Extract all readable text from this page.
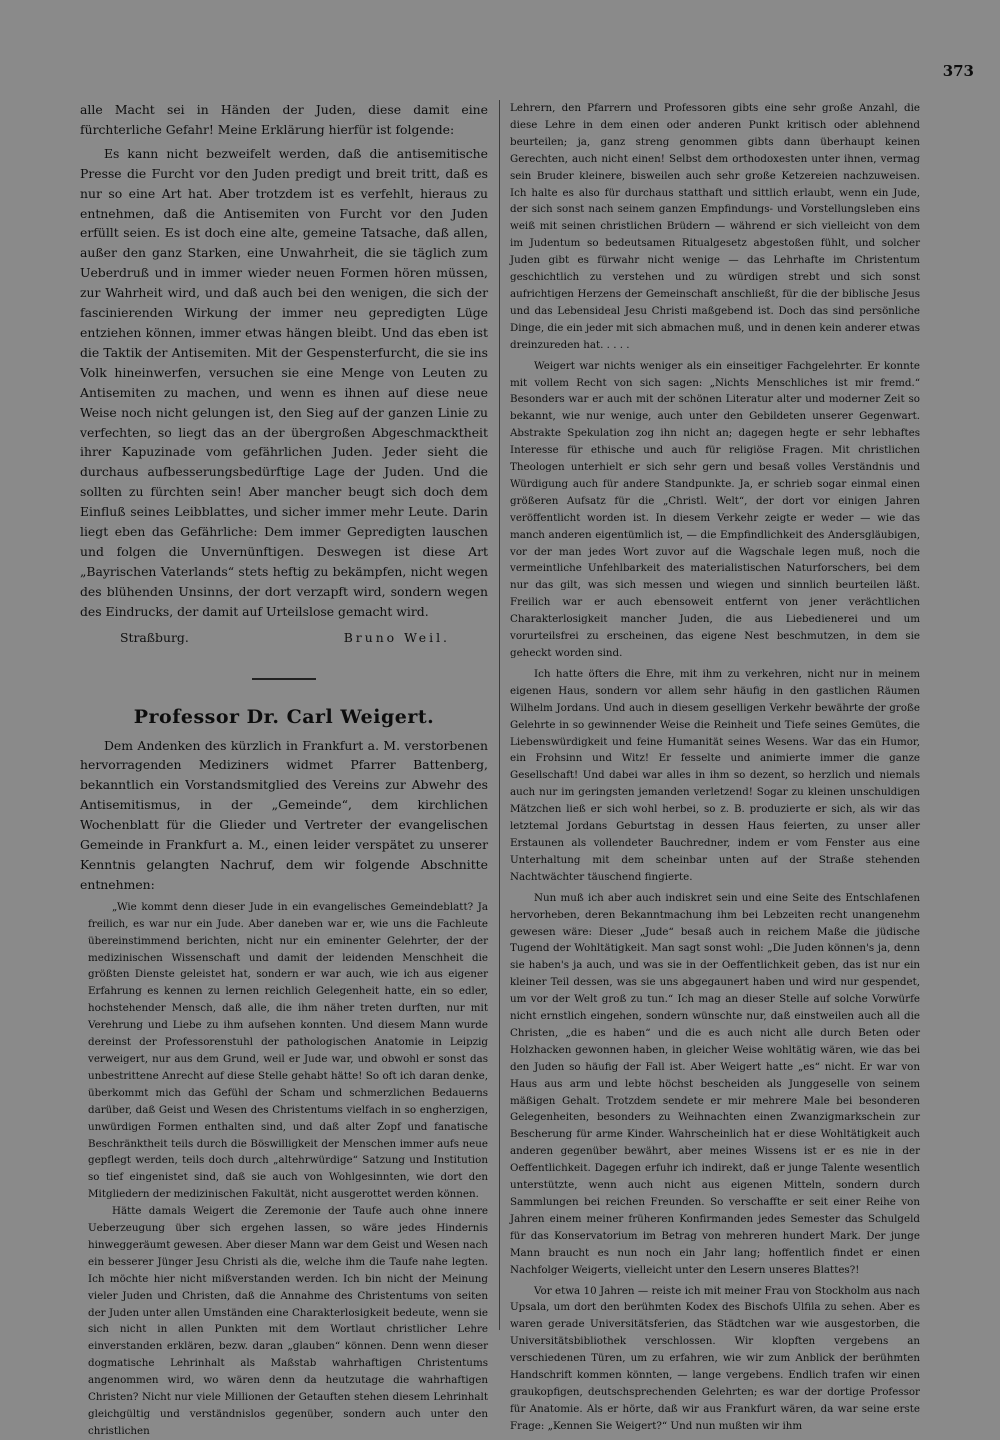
373

alle Macht sei in Händen der Juden, diese damit eine fürchterliche Gefahr! Meine Erklärung hierfür ist folgende:

Es kann nicht bezweifelt werden, daß die antisemitische Presse die Furcht vor den Juden predigt und breit tritt, daß es nur so eine Art hat. Aber trotzdem ist es verfehlt, hieraus zu entnehmen, daß die Antisemiten von Furcht vor den Juden erfüllt seien. Es ist doch eine alte, gemeine Tatsache, daß allen, außer den ganz Starken, eine Unwahrheit, die sie täglich zum Ueberdruß und in immer wieder neuen Formen hören müssen, zur Wahrheit wird, und daß auch bei den wenigen, die sich der fascinierenden Wirkung der immer neu gepredigten Lüge entziehen können, immer etwas hängen bleibt. Und das eben ist die Taktik der Antisemiten. Mit der Gespensterfurcht, die sie ins Volk hineinwerfen, versuchen sie eine Menge von Leuten zu Antisemiten zu machen, und wenn es ihnen auf diese neue Weise noch nicht gelungen ist, den Sieg auf der ganzen Linie zu verfechten, so liegt das an der übergroßen Abgeschmacktheit ihrer Kapuzinade vom gefährlichen Juden. Jeder sieht die durchaus aufbesserungsbedürftige Lage der Juden. Und die sollten zu fürchten sein! Aber mancher beugt sich doch dem Einfluß seines Leibblattes, und sicher immer mehr Leute. Darin liegt eben das Gefährliche: Dem immer Gepredigten lauschen und folgen die Unvernünftigen. Deswegen ist diese Art „Bayrischen Vaterlands“ stets heftig zu bekämpfen, nicht wegen des blühenden Unsinns, der dort verzapft wird, sondern wegen des Eindrucks, der damit auf Urteilslose gemacht wird.

Straßburg.	Bruno Weil.
Professor Dr. Carl Weigert.

Dem Andenken des kürzlich in Frankfurt a. M. verstorbenen hervorragenden Mediziners widmet Pfarrer Battenberg, bekanntlich ein Vorstandsmitglied des Vereins zur Abwehr des Antisemitismus, in der „Gemeinde“, dem kirchlichen Wochenblatt für die Glieder und Vertreter der evangelischen Gemeinde in Frankfurt a. M., einen leider verspätet zu unserer Kenntnis gelangten Nachruf, dem wir folgende Abschnitte entnehmen:

„Wie kommt denn dieser Jude in ein evangelisches Gemeindeblatt? Ja freilich, es war nur ein Jude. Aber daneben war er, wie uns die Fachleute übereinstimmend berichten, nicht nur ein eminenter Gelehrter, der der medizinischen Wissenschaft und damit der leidenden Menschheit die größten Dienste geleistet hat, sondern er war auch, wie ich aus eigener Erfahrung es kennen zu lernen reichlich Gelegenheit hatte, ein so edler, hochstehender Mensch, daß alle, die ihm näher treten durften, nur mit Verehrung und Liebe zu ihm aufsehen konnten. Und diesem Mann wurde dereinst der Professorenstuhl der pathologischen Anatomie in Leipzig verweigert, nur aus dem Grund, weil er Jude war, und obwohl er sonst das unbestrittene Anrecht auf diese Stelle gehabt hätte! So oft ich daran denke, überkommt mich das Gefühl der Scham und schmerzlichen Bedauerns darüber, daß Geist und Wesen des Christentums vielfach in so engherzigen, unwürdigen Formen enthalten sind, und daß alter Zopf und fanatische Beschränktheit teils durch die Böswilligkeit der Menschen immer aufs neue gepflegt werden, teils doch durch „altehrwürdige“ Satzung und Institution so tief eingenistet sind, daß sie auch von Wohlgesinnten, wie dort den Mitgliedern der medizinischen Fakultät, nicht ausgerottet werden können.

Hätte damals Weigert die Zeremonie der Taufe auch ohne innere Ueberzeugung über sich ergehen lassen, so wäre jedes Hindernis hinweggeräumt gewesen. Aber dieser Mann war dem Geist und Wesen nach ein besserer Jünger Jesu Christi als die, welche ihm die Taufe nahe legten. Ich möchte hier nicht mißverstanden werden. Ich bin nicht der Meinung vieler Juden und Christen, daß die Annahme des Christentums von seiten der Juden unter allen Umständen eine Charakterlosigkeit bedeute, wenn sie sich nicht in allen Punkten mit dem Wortlaut christlicher Lehre einverstanden erklären, bezw. daran „glauben“ können. Denn wenn dieser dogmatische Lehrinhalt als Maßstab wahrhaftigen Christentums angenommen wird, wo wären denn da heutzutage die wahrhaftigen Christen? Nicht nur viele Millionen der Getauften stehen diesem Lehrinhalt gleichgültig und verständnislos gegenüber, sondern auch unter den christlichen

Lehrern, den Pfarrern und Professoren gibts eine sehr große Anzahl, die diese Lehre in dem einen oder anderen Punkt kritisch oder ablehnend beurteilen; ja, ganz streng genommen gibts dann überhaupt keinen Gerechten, auch nicht einen! Selbst dem orthodoxesten unter ihnen, vermag sein Bruder kleinere, bisweilen auch sehr große Ketzereien nachzuweisen. Ich halte es also für durchaus statthaft und sittlich erlaubt, wenn ein Jude, der sich sonst nach seinem ganzen Empfindungs- und Vorstellungsleben eins weiß mit seinen christlichen Brüdern — während er sich vielleicht von dem im Judentum so bedeutsamen Ritualgesetz abgestoßen fühlt, und solcher Juden gibt es fürwahr nicht wenige — das Lehrhafte im Christentum geschichtlich zu verstehen und zu würdigen strebt und sich sonst aufrichtigen Herzens der Gemeinschaft anschließt, für die der biblische Jesus und das Lebensideal Jesu Christi maßgebend ist. Doch das sind persönliche Dinge, die ein jeder mit sich abmachen muß, und in denen kein anderer etwas dreinzureden hat. . . . .

Weigert war nichts weniger als ein einseitiger Fachgelehrter. Er konnte mit vollem Recht von sich sagen: „Nichts Menschliches ist mir fremd.“ Besonders war er auch mit der schönen Literatur alter und moderner Zeit so bekannt, wie nur wenige, auch unter den Gebildeten unserer Gegenwart. Abstrakte Spekulation zog ihn nicht an; dagegen hegte er sehr lebhaftes Interesse für ethische und auch für religiöse Fragen. Mit christlichen Theologen unterhielt er sich sehr gern und besaß volles Verständnis und Würdigung auch für andere Standpunkte. Ja, er schrieb sogar einmal einen größeren Aufsatz für die „Christl. Welt“, der dort vor einigen Jahren veröffentlicht worden ist. In diesem Verkehr zeigte er weder — wie das manch anderen eigentümlich ist, — die Empfindlichkeit des Andersgläubigen, vor der man jedes Wort zuvor auf die Wagschale legen muß, noch die vermeintliche Unfehlbarkeit des materialistischen Naturforschers, bei dem nur das gilt, was sich messen und wiegen und sinnlich beurteilen läßt. Freilich war er auch ebensoweit entfernt von jener verächtlichen Charakterlosigkeit mancher Juden, die aus Liebedienerei und um vorurteilsfrei zu erscheinen, das eigene Nest beschmutzen, in dem sie geheckt worden sind.

Ich hatte öfters die Ehre, mit ihm zu verkehren, nicht nur in meinem eigenen Haus, sondern vor allem sehr häufig in den gastlichen Räumen Wilhelm Jordans. Und auch in diesem geselligen Verkehr bewährte der große Gelehrte in so gewinnender Weise die Reinheit und Tiefe seines Gemütes, die Liebenswürdigkeit und feine Humanität seines Wesens. War das ein Humor, ein Frohsinn und Witz! Er fesselte und animierte immer die ganze Gesellschaft! Und dabei war alles in ihm so dezent, so herzlich und niemals auch nur im geringsten jemanden verletzend! Sogar zu kleinen unschuldigen Mätzchen ließ er sich wohl herbei, so z. B. produzierte er sich, als wir das letztemal Jordans Geburtstag in dessen Haus feierten, zu unser aller Erstaunen als vollendeter Bauchredner, indem er vom Fenster aus eine Unterhaltung mit dem scheinbar unten auf der Straße stehenden Nachtwächter täuschend fingierte.

Nun muß ich aber auch indiskret sein und eine Seite des Entschlafenen hervorheben, deren Bekanntmachung ihm bei Lebzeiten recht unangenehm gewesen wäre: Dieser „Jude“ besaß auch in reichem Maße die jüdische Tugend der Wohltätigkeit. Man sagt sonst wohl: „Die Juden können's ja, denn sie haben's ja auch, und was sie in der Oeffentlichkeit geben, das ist nur ein kleiner Teil dessen, was sie uns abgegaunert haben und wird nur gespendet, um vor der Welt groß zu tun.“ Ich mag an dieser Stelle auf solche Vorwürfe nicht ernstlich eingehen, sondern wünschte nur, daß einstweilen auch all die Christen, „die es haben“ und die es auch nicht alle durch Beten oder Holzhacken gewonnen haben, in gleicher Weise wohltätig wären, wie das bei den Juden so häufig der Fall ist. Aber Weigert hatte „es“ nicht. Er war von Haus aus arm und lebte höchst bescheiden als Junggeselle von seinem mäßigen Gehalt. Trotzdem sendete er mir mehrere Male bei besonderen Gelegenheiten, besonders zu Weihnachten einen Zwanzigmarkschein zur Bescherung für arme Kinder. Wahrscheinlich hat er diese Wohltätigkeit auch anderen gegenüber bewährt, aber meines Wissens ist er es nie in der Oeffentlichkeit. Dagegen erfuhr ich indirekt, daß er junge Talente wesentlich unterstützte, wenn auch nicht aus eigenen Mitteln, sondern durch Sammlungen bei reichen Freunden. So verschaffte er seit einer Reihe von Jahren einem meiner früheren Konfirmanden jedes Semester das Schulgeld für das Konservatorium im Betrag von mehreren hundert Mark. Der junge Mann braucht es nun noch ein Jahr lang; hoffentlich findet er einen Nachfolger Weigerts, vielleicht unter den Lesern unseres Blattes?!

Vor etwa 10 Jahren — reiste ich mit meiner Frau von Stockholm aus nach Upsala, um dort den berühmten Kodex des Bischofs Ulfila zu sehen. Aber es waren gerade Universitätsferien, das Städtchen war wie ausgestorben, die Universitätsbibliothek verschlossen. Wir klopften vergebens an verschiedenen Türen, um zu erfahren, wie wir zum Anblick der berühmten Handschrift kommen könnten, — lange vergebens. Endlich trafen wir einen graukopfigen, deutschsprechenden Gelehrten; es war der dortige Professor für Anatomie. Als er hörte, daß wir aus Frankfurt wären, da war seine erste Frage: „Kennen Sie Weigert?“ Und nun mußten wir ihm
